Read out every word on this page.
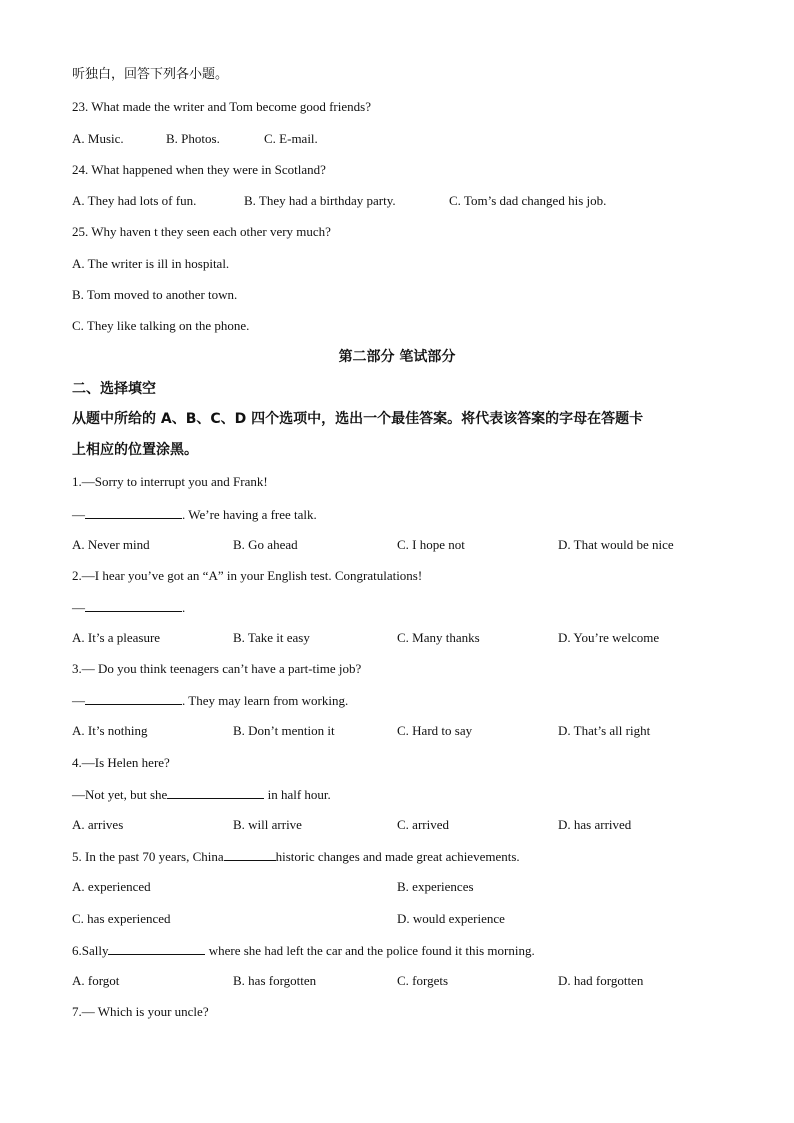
听独白，回答下列各小题。
23. What made the writer and Tom become good friends?
A. Music.	B. Photos.	C. E-mail.
24. What happened when they were in Scotland?
A. They had lots of fun.	B. They had a birthday party.	C. Tom’s dad changed his job.
25. Why haven t they seen each other very much?
A. The writer is ill in hospital.
B. Tom moved to another town.
C. They like talking on the phone.
第二部分 笔试部分
二、选择填空
从题中所给的 A、B、C、D 四个选项中，选出一个最佳答案。将代表该答案的字母在答题卡
上相应的位置涂黑。
1.—Sorry to interrupt you and Frank!
—	. We’re having a free talk.
A. Never mind	B. Go ahead	C. I hope not	D. That would be nice
2.—I hear you’ve got an “A” in your English test. Congratulations!
—	.
A. It’s a pleasure	B. Take it easy	C. Many thanks	D. You’re welcome
3.— Do you think teenagers can’t have a part-time job?
—	. They may learn from working.
A. It’s nothing	B. Don’t mention it	C. Hard to say	D. That’s all right
4.—Is Helen here?
—Not yet, but she	in half hour.
A. arrives	B. will arrive	C. arrived	D. has arrived
5. In the past 70 years, China	historic changes and made great achievements.
A. experienced	B. experiences
C. has experienced	D. would experience
6.Sally	where she had left the car and the police found it this morning.
A. forgot	B. has forgotten	C. forgets	D. had forgotten
7.— Which is your uncle?
